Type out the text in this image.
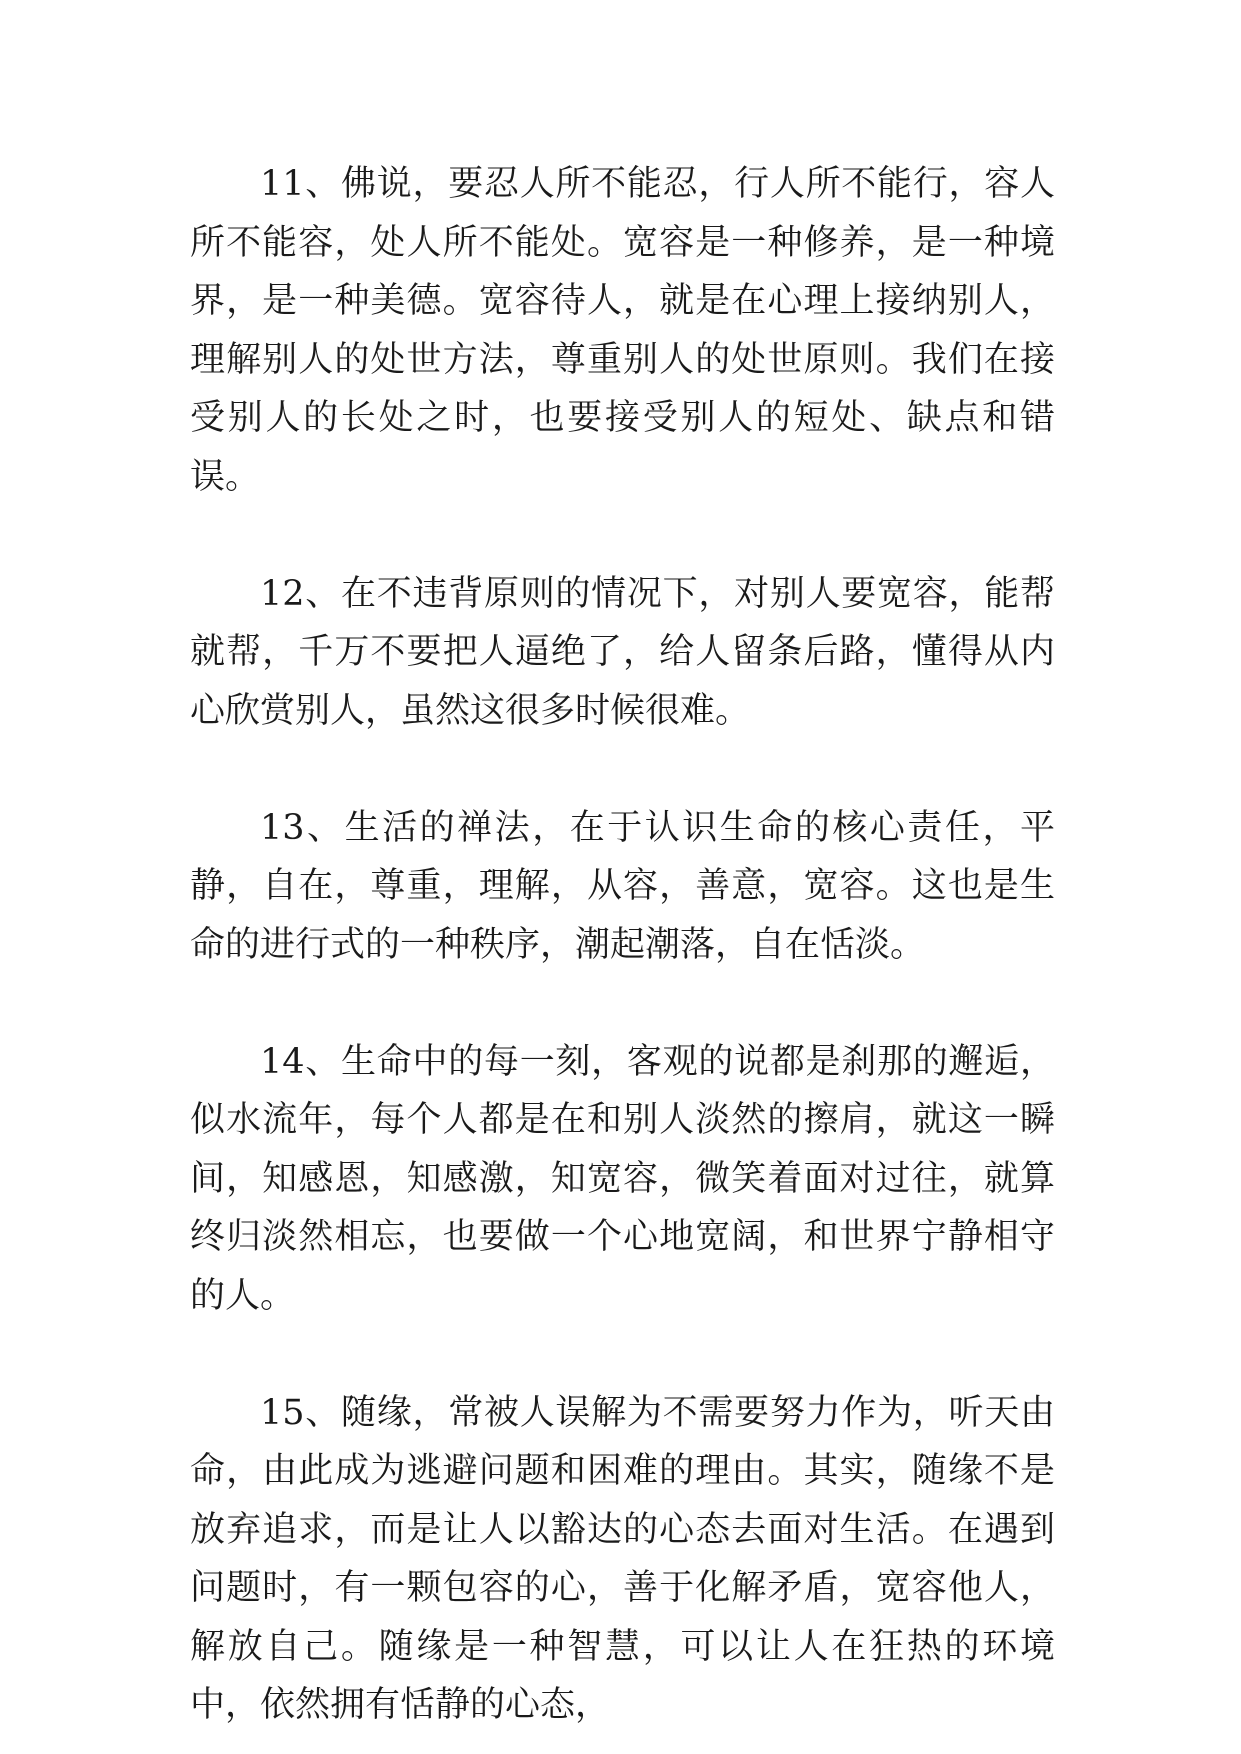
11、佛说，要忍人所不能忍，行人所不能行，容人所不能容，处人所不能处。宽容是一种修养，是一种境界，是一种美德。宽容待人，就是在心理上接纳别人，理解别人的处世方法，尊重别人的处世原则。我们在接受别人的长处之时，也要接受别人的短处、缺点和错误。

12、在不违背原则的情况下，对别人要宽容，能帮就帮，千万不要把人逼绝了，给人留条后路，懂得从内心欣赏别人，虽然这很多时候很难。

13、生活的禅法，在于认识生命的核心责任，平静，自在，尊重，理解，从容，善意，宽容。这也是生命的进行式的一种秩序，潮起潮落，自在恬淡。

14、生命中的每一刻，客观的说都是刹那的邂逅，似水流年，每个人都是在和别人淡然的擦肩，就这一瞬间，知感恩，知感激，知宽容，微笑着面对过往，就算终归淡然相忘，也要做一个心地宽阔，和世界宁静相守的人。

15、随缘，常被人误解为不需要努力作为，听天由命，由此成为逃避问题和困难的理由。其实，随缘不是放弃追求，而是让人以豁达的心态去面对生活。在遇到问题时，有一颗包容的心，善于化解矛盾，宽容他人，解放自己。随缘是一种智慧，可以让人在狂热的环境中，依然拥有恬静的心态，
